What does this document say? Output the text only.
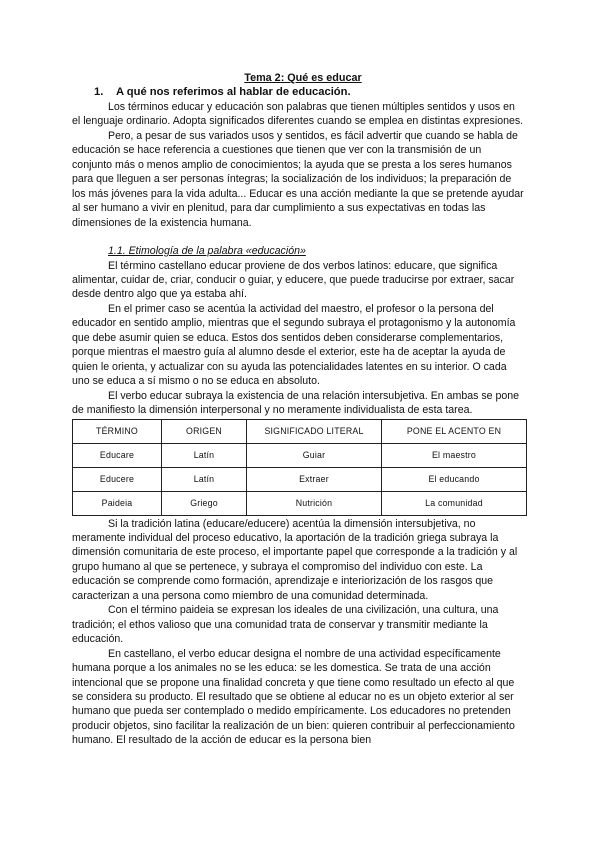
Tema 2: Qué es educar
1. A qué nos referimos al hablar de educación.

Los términos educar y educación son palabras que tienen múltiples sentidos y usos en el lenguaje ordinario. Adopta significados diferentes cuando se emplea en distintas expresiones.

Pero, a pesar de sus variados usos y sentidos, es fácil advertir que cuando se habla de educación se hace referencia a cuestiones que tienen que ver con la transmisión de un conjunto más o menos amplio de conocimientos; la ayuda que se presta a los seres humanos para que lleguen a ser personas íntegras; la socialización de los individuos; la preparación de los más jóvenes para la vida adulta... Educar es una acción mediante la que se pretende ayudar al ser humano a vivir en plenitud, para dar cumplimiento a sus expectativas en todas las dimensiones de la existencia humana.

1.1. Etimología de la palabra «educación»

El término castellano educar proviene de dos verbos latinos: educare, que significa alimentar, cuidar de, criar, conducir o guiar, y educere, que puede traducirse por extraer, sacar desde dentro algo que ya estaba ahí.

En el primer caso se acentúa la actividad del maestro, el profesor o la persona del educador en sentido amplio, mientras que el segundo subraya el protagonismo y la autonomía que debe asumir quien se educa. Estos dos sentidos deben considerarse complementarios, porque mientras el maestro guía al alumno desde el exterior, este ha de aceptar la ayuda de quien le orienta, y actualizar con su ayuda las potencialidades latentes en su interior. O cada uno se educa a sí mismo o no se educa en absoluto.

El verbo educar subraya la existencia de una relación intersubjetiva. En ambas se pone de manifiesto la dimensión interpersonal y no meramente individualista de esta tarea.

TÉRMINO	ORIGEN	SIGNIFICADO LITERAL	PONE EL ACENTO EN
Educare	Latín	Guiar	El maestro
Educere	Latín	Extraer	El educando
Paideia	Griego	Nutrición	La comunidad

Si la tradición latina (educare/educere) acentúa la dimensión intersubjetiva, no meramente individual del proceso educativo, la aportación de la tradición griega subraya la dimensión comunitaria de este proceso, el importante papel que corresponde a la tradición y al grupo humano al que se pertenece, y subraya el compromiso del individuo con este. La educación se comprende como formación, aprendizaje e interiorización de los rasgos que caracterizan a una persona como miembro de una comunidad determinada.

Con el término paideia se expresan los ideales de una civilización, una cultura, una tradición; el ethos valioso que una comunidad trata de conservar y transmitir mediante la educación.

En castellano, el verbo educar designa el nombre de una actividad específicamente humana porque a los animales no se les educa: se les domestica. Se trata de una acción intencional que se propone una finalidad concreta y que tiene como resultado un efecto al que se considera su producto. El resultado que se obtiene al educar no es un objeto exterior al ser humano que pueda ser contemplado o medido empíricamente. Los educadores no pretenden producir objetos, sino facilitar la realización de un bien: quieren contribuir al perfeccionamiento humano. El resultado de la acción de educar es la persona bien
